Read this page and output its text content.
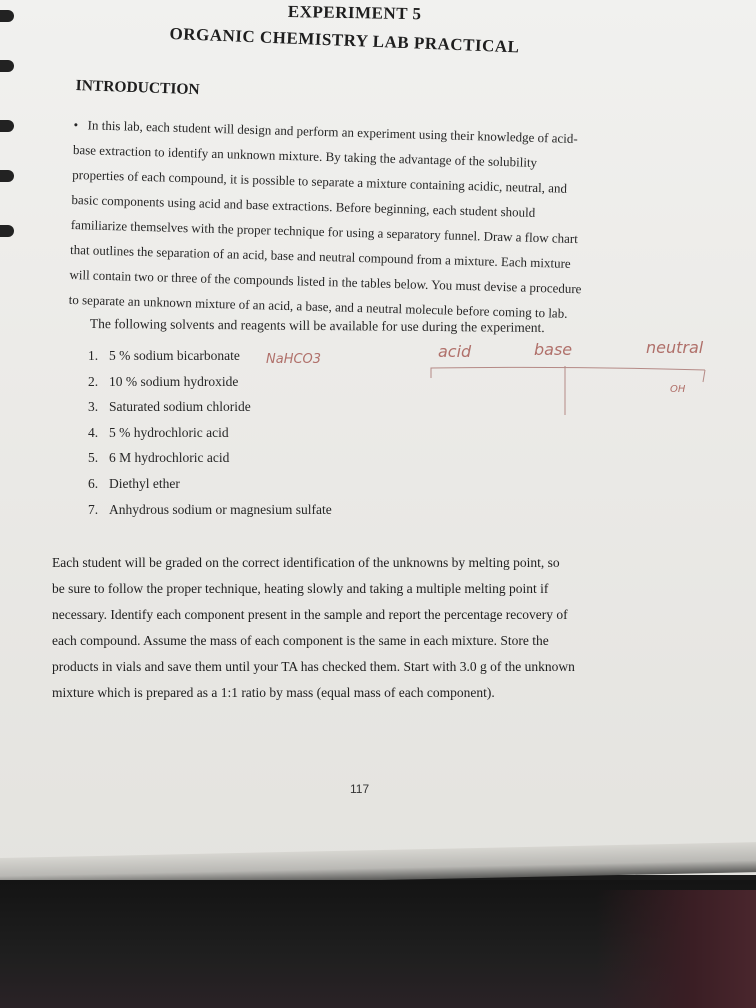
EXPERIMENT 5
ORGANIC CHEMISTRY LAB PRACTICAL
INTRODUCTION
• In this lab, each student will design and perform an experiment using their knowledge of acid-
base extraction to identify an unknown mixture. By taking the advantage of the solubility
properties of each compound, it is possible to separate a mixture containing acidic, neutral, and
basic components using acid and base extractions. Before beginning, each student should
familiarize themselves with the proper technique for using a separatory funnel. Draw a flow chart
that outlines the separation of an acid, base and neutral compound from a mixture. Each mixture
will contain two or three of the compounds listed in the tables below. You must devise a procedure
to separate an unknown mixture of an acid, a base, and a neutral molecule before coming to lab.
The following solvents and reagents will be available for use during the experiment.
1. 5 % sodium bicarbonate
2. 10 % sodium hydroxide
3. Saturated sodium chloride
4. 5 % hydrochloric acid
5. 6 M hydrochloric acid
6. Diethyl ether
7. Anhydrous sodium or magnesium sulfate
NaHCO3	acid	base	neutral
OH
Each student will be graded on the correct identification of the unknowns by melting point, so
be sure to follow the proper technique, heating slowly and taking a multiple melting point if
necessary. Identify each component present in the sample and report the percentage recovery of
each compound. Assume the mass of each component is the same in each mixture. Store the
products in vials and save them until your TA has checked them. Start with 3.0 g of the unknown
mixture which is prepared as a 1:1 ratio by mass (equal mass of each component).
117
